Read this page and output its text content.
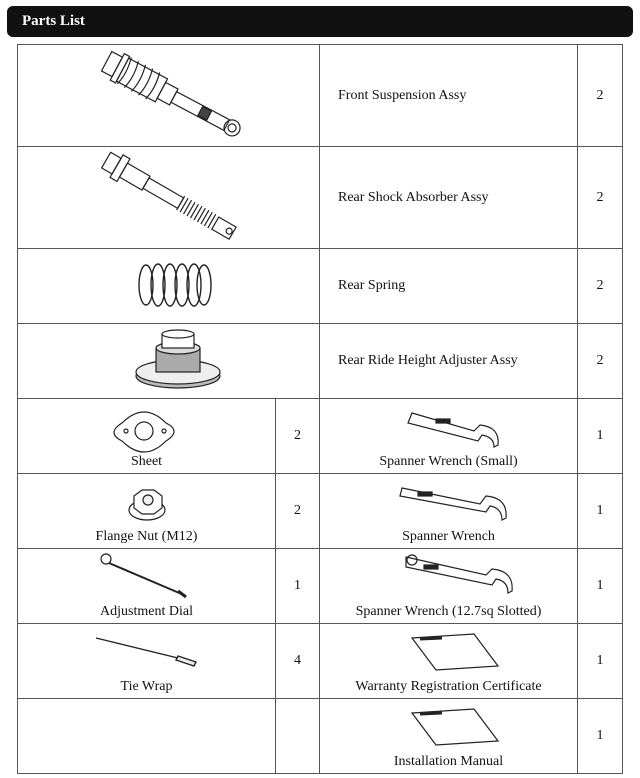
Parts List
	Front Suspension Assy	2

	Rear Shock Absorber Assy	2

	Rear Spring	2

	Rear Ride Height Adjuster Assy	2

Sheet	2	Spanner Wrench (Small)	1

Flange Nut (M12)	2	Spanner Wrench	1

Adjustment Dial	1	Spanner Wrench (12.7sq Slotted)	1

Tie Wrap	4	Warranty Registration Certificate	1

		Installation Manual	1
